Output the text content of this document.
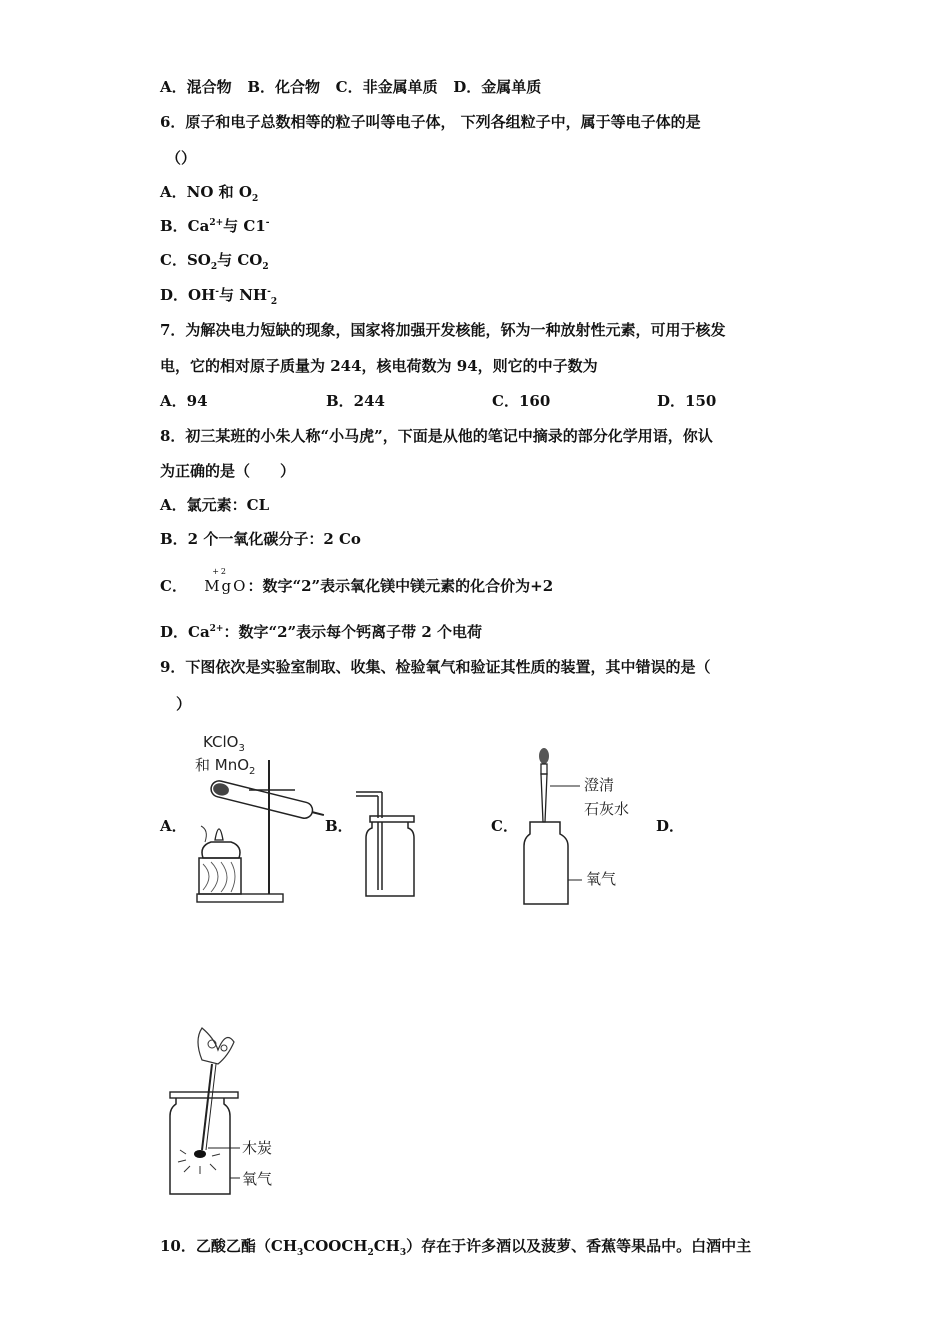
A．混合物 B．化合物 C．非金属单质 D．金属单质
6．原子和电子总数相等的粒子叫等电子体， 下列各组粒子中，属于等电子体的是
（）
A．NO 和 $O_2$
B．$Ca^{2+}$与 C1-
C．$SO_2$与 $CO_2$
D．OH-与 $NH^-_2$
7．为解决电力短缺的现象，国家将加强开发核能，钚为一种放射性元素，可用于核发
电，它的相对原子质量为 244，核电荷数为 94，则它的中子数为
A．94	B．244	C．160	D．150
8．初三某班的小朱人称“小马虎”，下面是从他的笔记中摘录的部分化学用语，你认
为正确的是（　　）
A．氯元素：CL
B．2 个一氧化碳分子：2 Co
C．
+2
MgO：数字“2”表示氧化镁中镁元素的化合价为+2
D．$Ca^{2+}$：数字“2”表示每个钙离子带 2 个电荷
9．下图依次是实验室制取、收集、检验氧气和验证其性质的装置，其中错误的是（
）
A．	B．	C．	D．
KClO$_3$
和 MnO$_2$
澄清
石灰水
氧气
木炭
氧气
10．乙酸乙酯$(CH_3COOCH_2CH_3)$存在于许多酒以及菠萝、香蕉等果品中。白酒中主
